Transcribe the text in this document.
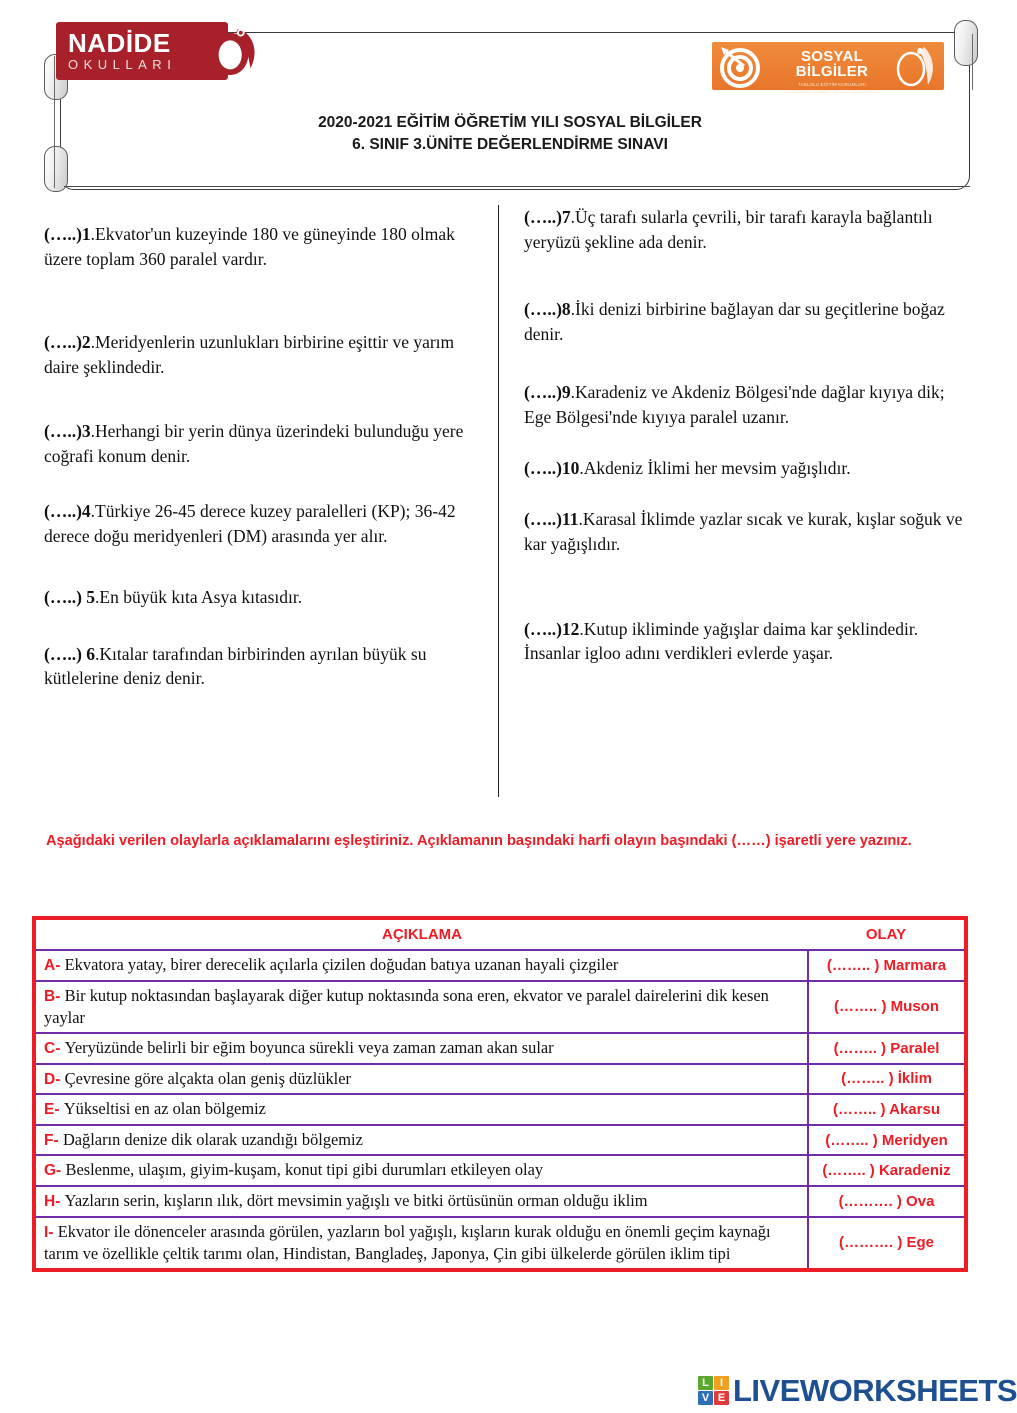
NADİDE
OKULLARI	SOSYAL BİLGİLER
TABLOLU EĞİTİM KURUMLARI
ÇEMBER KONBEYON ÇALIŞMALARI
2020-2021 EĞİTİM ÖĞRETİM YILI SOSYAL BİLGİLER
6. SINIF 3.ÜNİTE DEĞERLENDİRME SINAVI
(…..)1.Ekvator'un kuzeyinde 180 ve güneyinde 180 olmak üzere toplam 360 paralel vardır.
(…..)2.Meridyenlerin uzunlukları birbirine eşittir ve yarım daire şeklindedir.
(…..)3.Herhangi bir yerin dünya üzerindeki bulunduğu yere coğrafi konum denir.
(…..)4.Türkiye 26-45 derece kuzey paralelleri (KP); 36-42 derece doğu meridyenleri (DM) arasında yer alır.
(…..) 5.En büyük kıta Asya kıtasıdır.
(…..) 6.Kıtalar tarafından birbirinden ayrılan büyük su kütlelerine deniz denir.
(…..)7.Üç tarafı sularla çevrili, bir tarafı karayla bağlantılı yeryüzü şekline ada denir.
(…..)8.İki denizi birbirine bağlayan dar su geçitlerine boğaz denir.
(…..)9.Karadeniz ve Akdeniz Bölgesi'nde dağlar kıyıya dik; Ege Bölgesi'nde kıyıya paralel uzanır.
(…..)10.Akdeniz İklimi her mevsim yağışlıdır.
(…..)11.Karasal İklimde yazlar sıcak ve kurak, kışlar soğuk ve kar yağışlıdır.
(…..)12.Kutup ikliminde yağışlar daima kar şeklindedir. İnsanlar igloo adını verdikleri evlerde yaşar.
Aşağıdaki verilen olaylarla açıklamalarını eşleştiriniz. Açıklamanın başındaki harfi olayın başındaki (……) işaretli yere yazınız.
AÇIKLAMA	OLAY
A- Ekvatora yatay, birer derecelik açılarla çizilen doğudan batıya uzanan hayali çizgiler	(…….. ) Marmara
B- Bir kutup noktasından başlayarak diğer kutup noktasında sona eren, ekvator ve paralel dairelerini dik kesen yaylar	(…….. ) Muson
C- Yeryüzünde belirli bir eğim boyunca sürekli veya zaman zaman akan sular	(…….. ) Paralel
D- Çevresine göre alçakta olan geniş düzlükler	(…….. ) İklim
E- Yükseltisi en az olan bölgemiz	(…….. ) Akarsu
F- Dağların denize dik olarak uzandığı bölgemiz	(…….. ) Meridyen
G- Beslenme, ulaşım, giyim-kuşam, konut tipi gibi durumları etkileyen olay	(…….. ) Karadeniz
H- Yazların serin, kışların ılık, dört mevsimin yağışlı ve bitki örtüsünün orman olduğu iklim	(………. ) Ova
I- Ekvator ile dönenceler arasında görülen, yazların bol yağışlı, kışların kurak olduğu en önemli geçim kaynağı tarım ve özellikle çeltik tarımı olan, Hindistan, Bangladeş, Japonya, Çin gibi ülkelerde görülen iklim tipi	(………. ) Ege
L	I
V E LIVEWORKSHEETS
